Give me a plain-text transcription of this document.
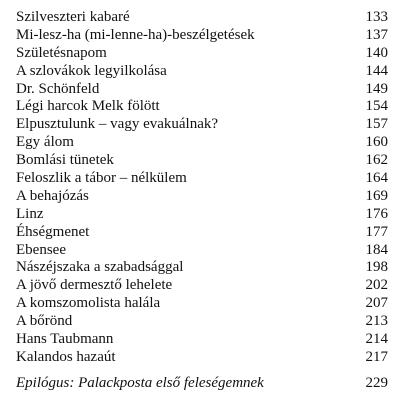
Szilveszteri kabaré	133
Mi-lesz-ha (mi-lenne-ha)-beszélgetések	137
Születésnapom	140
A szlovákok legyilkolása	144
Dr. Schönfeld	149
Légi harcok Melk fölött	154
Elpusztulunk – vagy evakuálnak?	157
Egy álom	160
Bomlási tünetek	162
Feloszlik a tábor – nélkülem	164
A behajózás	169
Linz	176
Éhségmenet	177
Ebensee	184
Nászéjszaka a szabadsággal	198
A jövő dermesztő lehelete	202
A komszomolista halála	207
A bőrönd	213
Hans Taubmann	214
Kalandos hazaút	217
Epilógus: Palackposta első feleségemnek	229
